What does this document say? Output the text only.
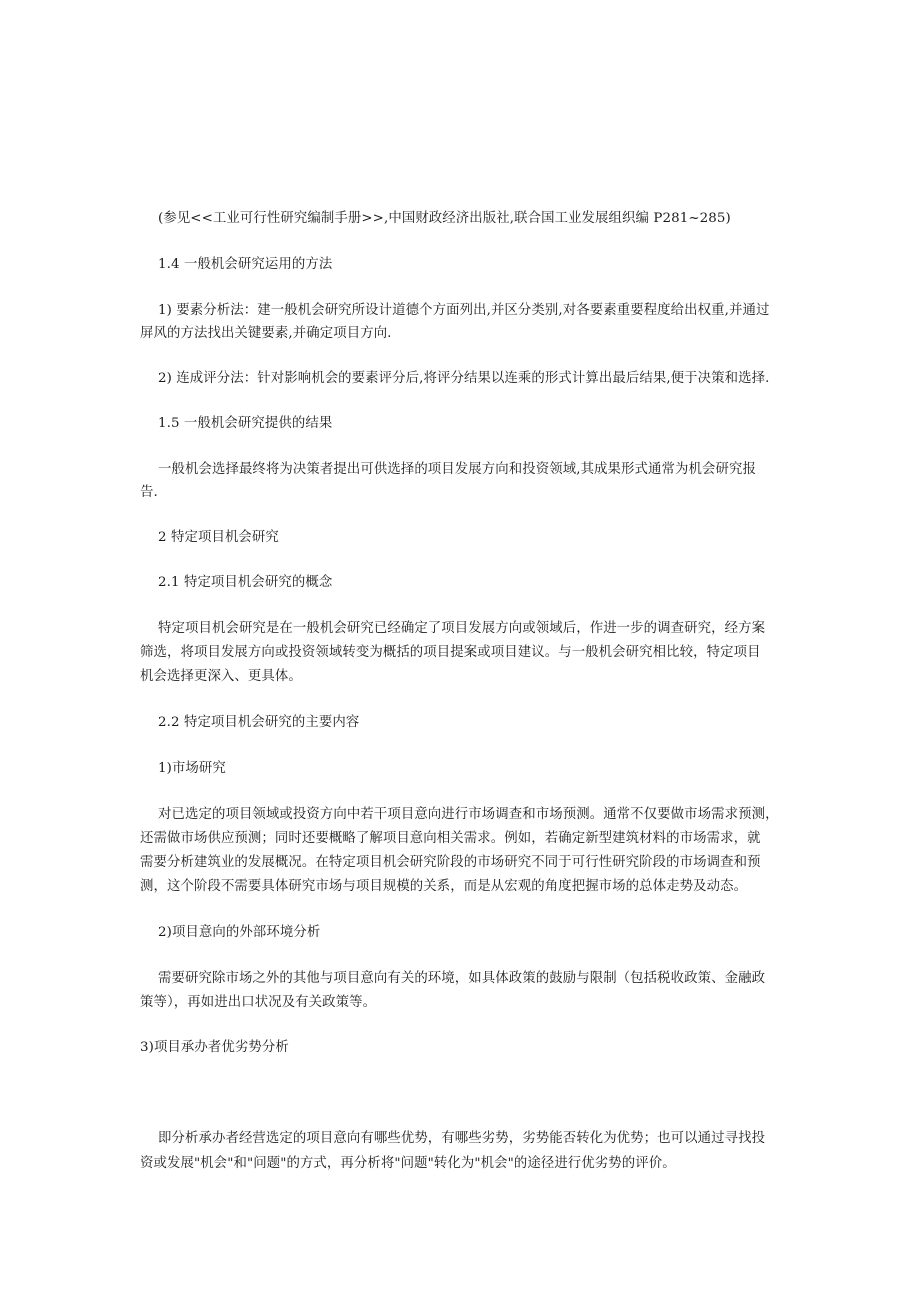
(参见<<工业可行性研究编制手册>>,中国财政经济出版社,联合国工业发展组织编 P281~285)
1.4 一般机会研究运用的方法
1) 要素分析法：建一般机会研究所设计道德个方面列出,并区分类别,对各要素重要程度给出权重,并通过
屏风的方法找出关键要素,并确定项目方向.
2) 连成评分法：针对影响机会的要素评分后,将评分结果以连乘的形式计算出最后结果,便于决策和选择.
1.5 一般机会研究提供的结果
一般机会选择最终将为决策者提出可供选择的项目发展方向和投资领域,其成果形式通常为机会研究报
告.
2 特定项目机会研究
2.1 特定项目机会研究的概念
特定项目机会研究是在一般机会研究已经确定了项目发展方向或领域后，作进一步的调查研究，经方案
筛选，将项目发展方向或投资领域转变为概括的项目提案或项目建议。与一般机会研究相比较，特定项目
机会选择更深入、更具体。
2.2 特定项目机会研究的主要内容
1)市场研究
对已选定的项目领域或投资方向中若干项目意向进行市场调查和市场预测。通常不仅要做市场需求预测，
还需做市场供应预测；同时还要概略了解项目意向相关需求。例如，若确定新型建筑材料的市场需求，就
需要分析建筑业的发展概况。在特定项目机会研究阶段的市场研究不同于可行性研究阶段的市场调查和预
测，这个阶段不需要具体研究市场与项目规模的关系，而是从宏观的角度把握市场的总体走势及动态。
2)项目意向的外部环境分析
需要研究除市场之外的其他与项目意向有关的环境，如具体政策的鼓励与限制（包括税收政策、金融政
策等），再如进出口状况及有关政策等。
3)项目承办者优劣势分析
即分析承办者经营选定的项目意向有哪些优势，有哪些劣势，劣势能否转化为优势；也可以通过寻找投
资或发展"机会"和"问题"的方式，再分析将"问题"转化为"机会"的途径进行优劣势的评价。
